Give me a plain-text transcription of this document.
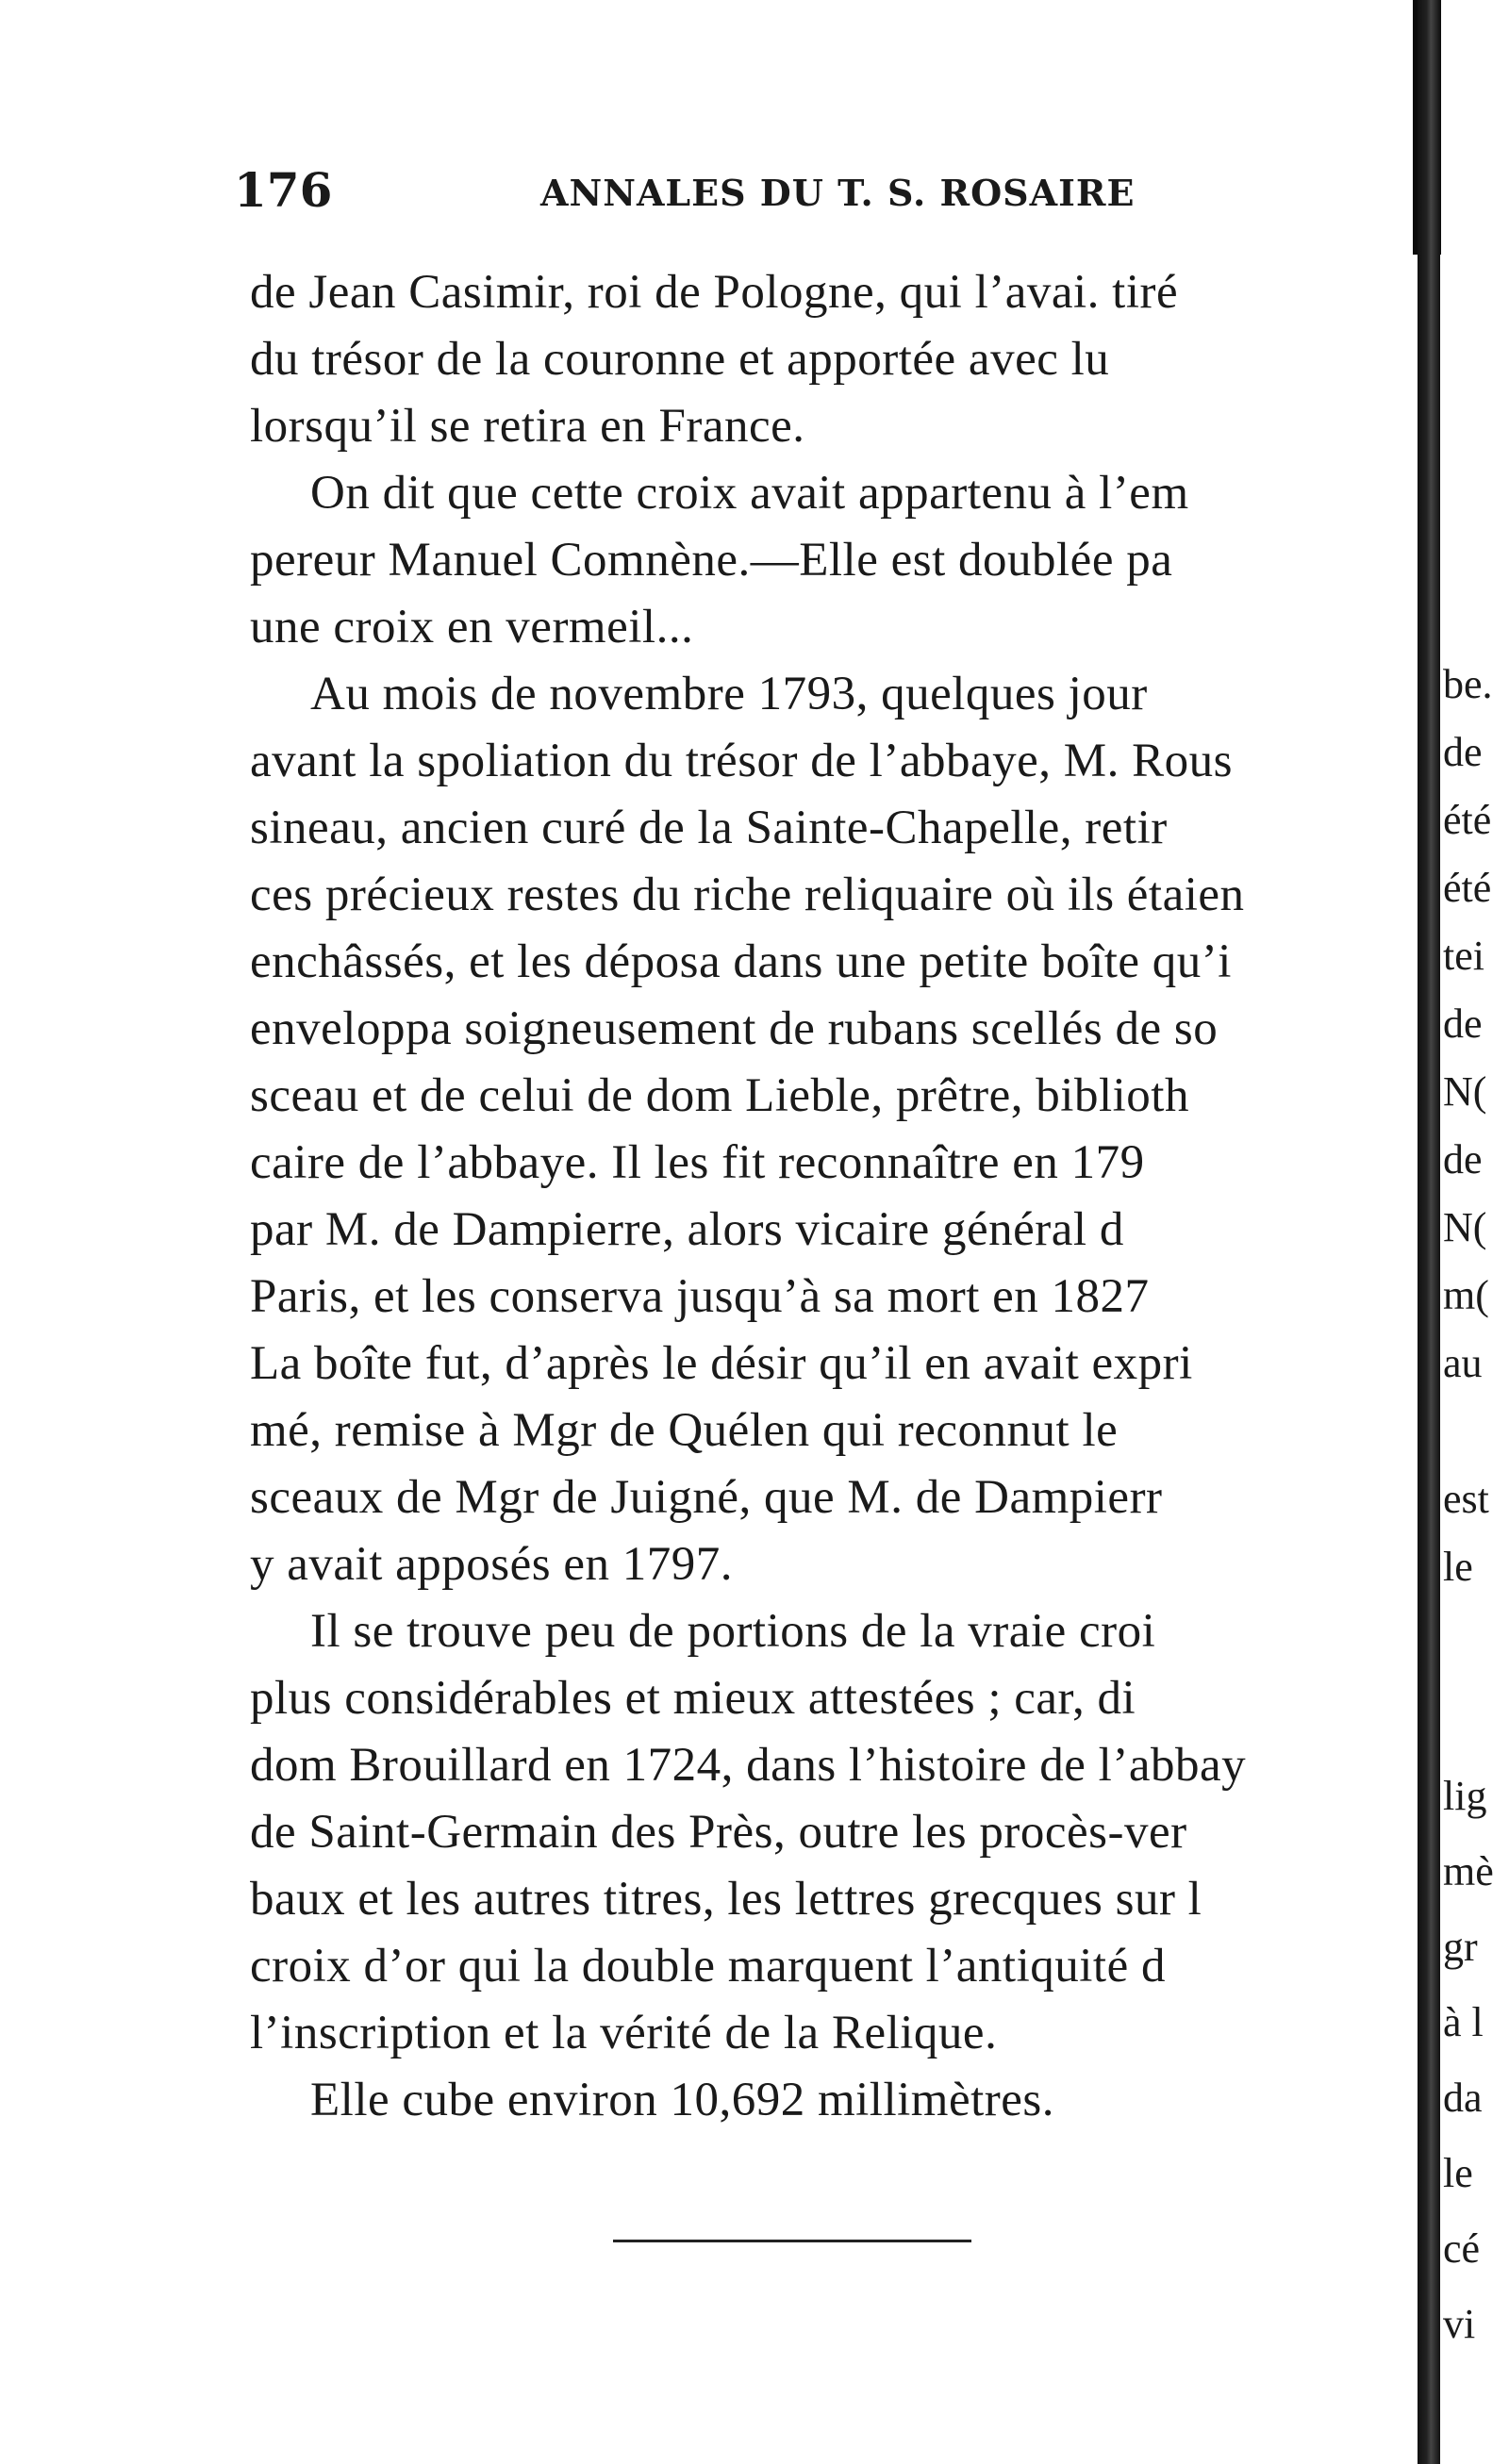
176	ANNALES DU T. S. ROSAIRE
de Jean Casimir, roi de Pologne, qui l’avai. tiré
du trésor de la couronne et apportée avec lu
lorsqu’il se retira en France.
On dit que cette croix avait appartenu à l’em
pereur Manuel Comnène.—Elle est doublée pa
une croix en vermeil...
Au mois de novembre 1793, quelques jour
avant la spoliation du trésor de l’abbaye, M. Rous
sineau, ancien curé de la Sainte-Chapelle, retir
ces précieux restes du riche reliquaire où ils étaien
enchâssés, et les déposa dans une petite boîte qu’i
enveloppa soigneusement de rubans scellés de so
sceau et de celui de dom Lieble, prêtre, biblioth
caire de l’abbaye. Il les fit reconnaître en 179
par M. de Dampierre, alors vicaire général d
Paris, et les conserva jusqu’à sa mort en 1827
La boîte fut, d’après le désir qu’il en avait expri
mé, remise à Mgr de Quélen qui reconnut le
sceaux de Mgr de Juigné, que M. de Dampierr
y avait apposés en 1797.
Il se trouve peu de portions de la vraie croi
plus considérables et mieux attestées ; car, di
dom Brouillard en 1724, dans l’histoire de l’abbay
de Saint-Germain des Près, outre les procès-ver
baux et les autres titres, les lettres grecques sur l
croix d’or qui la double marquent l’antiquité d
l’inscription et la vérité de la Relique.
Elle cube environ 10,692 millimètres.
be.
de
été
été
tei
de
N(
de
N(
m(
au
est
le
lig
mè
gr
à l
da
le
cé
vi
